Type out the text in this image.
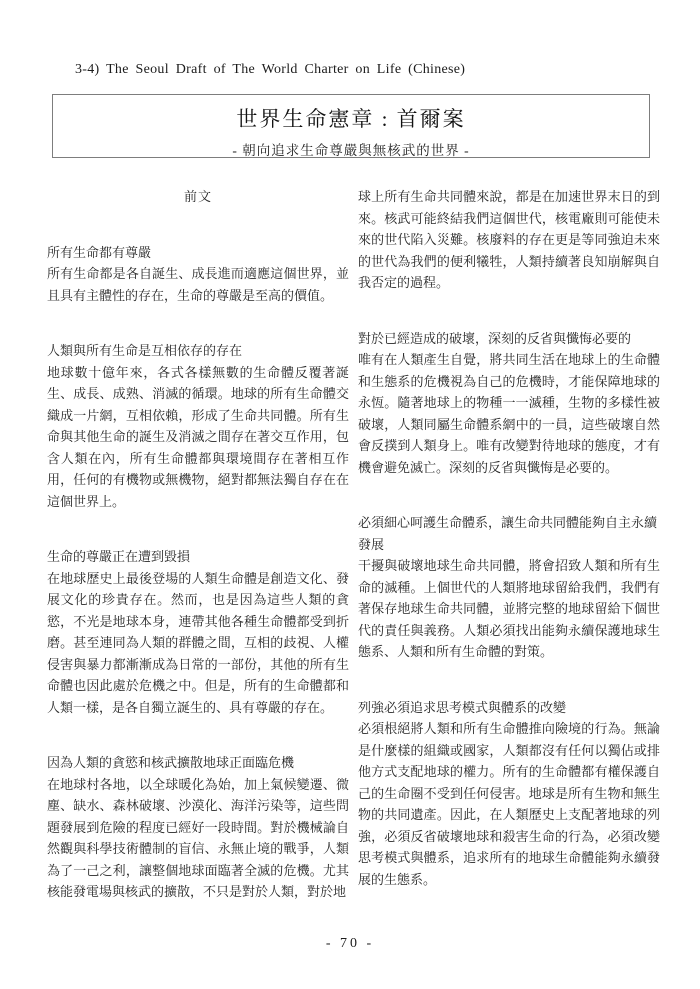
3-4) The Seoul Draft of The World Charter on Life (Chinese)
世界生命憲章 : 首爾案
- 朝向追求生命尊嚴與無核武的世界 -
前文
所有生命都有尊嚴
所有生命都是各自誕生、成長進而適應這個世界，並且具有主體性的存在，生命的尊嚴是至高的價值。
人類與所有生命是互相依存的存在
地球數十億年來，各式各樣無數的生命體反覆著誕生、成長、成熟、消滅的循環。地球的所有生命體交織成一片網，互相依賴，形成了生命共同體。所有生命與其他生命的誕生及消滅之間存在著交互作用，包含人類在內，所有生命體都與環境間存在著相互作用，任何的有機物或無機物，絕對都無法獨自存在在這個世界上。
生命的尊嚴正在遭到毀損
在地球歷史上最後登場的人類生命體是創造文化、發展文化的珍貴存在。然而，也是因為這些人類的貪慾，不光是地球本身，連帶其他各種生命體都受到折磨。甚至連同為人類的群體之間，互相的歧視、人權侵害與暴力都漸漸成為日常的一部份，其他的所有生命體也因此處於危機之中。但是，所有的生命體都和人類一樣，是各自獨立誕生的、具有尊嚴的存在。
因為人類的貪慾和核武擴散地球正面臨危機
在地球村各地，以全球暖化為始，加上氣候變遷、微塵、缺水、森林破壞、沙漠化、海洋污染等，這些問題發展到危險的程度已經好一段時間。對於機械論自然觀與科學技術體制的盲信、永無止境的戰爭，人類為了一己之利，讓整個地球面臨著全滅的危機。尤其核能發電場與核武的擴散，不只是對於人類，對於地
球上所有生命共同體來說，都是在加速世界末日的到來。核武可能終結我們這個世代，核電廠則可能使未來的世代陷入災難。核廢料的存在更是等同強迫未來的世代為我們的便利犧牲，人類持續著良知崩解與自我否定的過程。
對於已經造成的破壞，深刻的反省與懺悔必要的
唯有在人類產生自覺，將共同生活在地球上的生命體和生態系的危機視為自己的危機時，才能保障地球的永恆。隨著地球上的物種一一滅種，生物的多樣性被破壞，人類同屬生命體系網中的一員，這些破壞自然會反撲到人類身上。唯有改變對待地球的態度，才有機會避免滅亡。深刻的反省與懺悔是必要的。
必須細心呵護生命體系，讓生命共同體能夠自主永續發展
干擾與破壞地球生命共同體，將會招致人類和所有生命的滅種。上個世代的人類將地球留給我們，我們有著保存地球生命共同體，並將完整的地球留給下個世代的責任與義務。人類必須找出能夠永續保護地球生態系、人類和所有生命體的對策。
列強必須追求思考模式與體系的改變
必須根絕將人類和所有生命體推向險境的行為。無論是什麼樣的組織或國家，人類都沒有任何以獨佔或排他方式支配地球的權力。所有的生命體都有權保護自己的生命圈不受到任何侵害。地球是所有生物和無生物的共同遺產。因此，在人類歷史上支配著地球的列強，必須反省破壞地球和殺害生命的行為，必須改變思考模式與體系，追求所有的地球生命體能夠永續發展的生態系。
- 70 -
